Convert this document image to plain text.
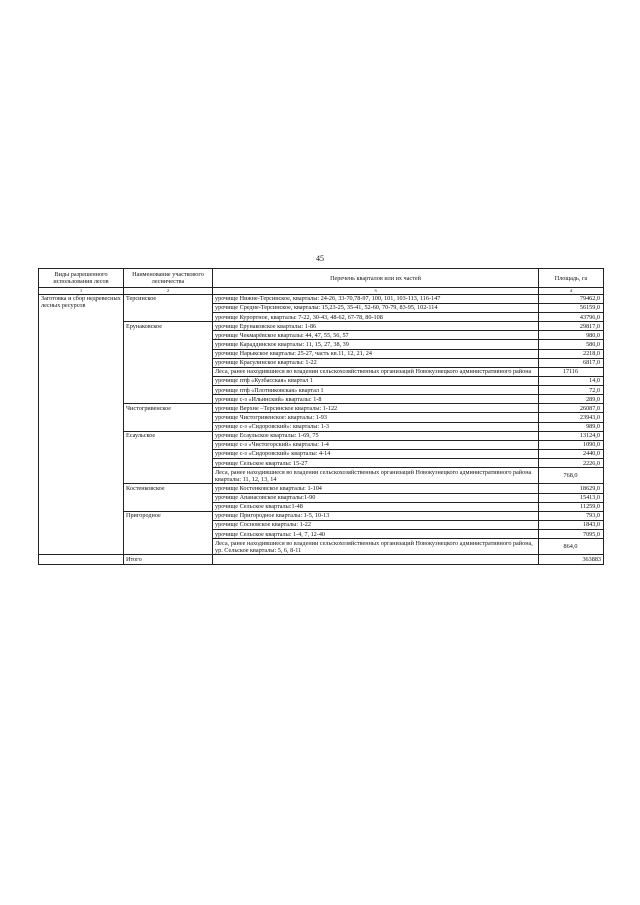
45
Виды разрешенного использования лесов	Наименование участкового лесничества	Перечень кварталов или их частей	Площадь, га
1	2	3	4
Заготовка и сбор недревесных лесных ресурсов	Терсинское	урочище Нижне-Терсинское, кварталы: 24-26, 33-70,78-97, 100, 101, 103-113, 116-147	79462,0
		урочище Средне-Терсинское, кварталы: 15,23-25, 35-41, 52-60, 70-79, 83-95, 102-114	56159,0
		урочище Курортное, кварталы: 7-22, 30-43, 48-62, 67-78, 80-108	43796,0
	Ерунаковское	урочище Ерунаковское кварталы: 1-86	29817,0
		урочище Чекмарёвское кварталы: 44, 47, 55, 56, 57	980,0
		урочище Караддинское кварталы: 11, 15, 27, 38, 39	580,0
		урочище Нарыкское кварталы: 25-27, часть кв.11, 12, 21, 24	2218,0
		урочище Красулинское кварталы: 1-22	6817,0
		Леса, ранее находившиеся во владении сельскохозяйственных организаций Новокузнецкого административного района	17116
		урочище птф «Кузбасская» квартал 1	14,0
		урочище птф «Плотниковская» квартал 1	72,0
		урочище с-з «Ильинский» кварталы: 1-8	289,0
	Чистогривенское	урочище Верхне –Терсинское кварталы: 1-122	26087,0
		урочище Чистогривенское: кварталы: 1-93	23943,0
		урочище с-з «Сидоровский»: кварталы: 1-3	989,0
	Есаульское	урочище Есаульское кварталы: 1-69, 75	13124,0
		урочище с-з «Чистогорский» кварталы: 1-4	1090,0
		урочище с-з «Сидоровский» кварталы: 4-14	2440,0
		урочище Сельское кварталы: 15-27	2226,0
		Леса, ранее находившиеся во владении сельскохозяйственных организаций Новокузнецкого административного района кварталы: 11, 12, 13, 14	768,0
	Костенковское	урочище Костенковское кварталы: 1-104	18629,0
		урочище Апанасовское кварталы:1-90	15413,0
		урочище Сельское кварталы:1-48	11259,0
	Пригородное	урочище Пригородное кварталы: 1-5, 10-13	793,0
		урочище Сосновское кварталы: 1-22	1843,0
		урочище Сельское кварталы: 1-4, 7, 12-40	7095,0
		Леса, ранее находившиеся во владении сельскохозяйственных организаций Новокузнецкого административного района, ур. Сельское кварталы: 5, 6, 8-11	864,0
	Итого		363883
